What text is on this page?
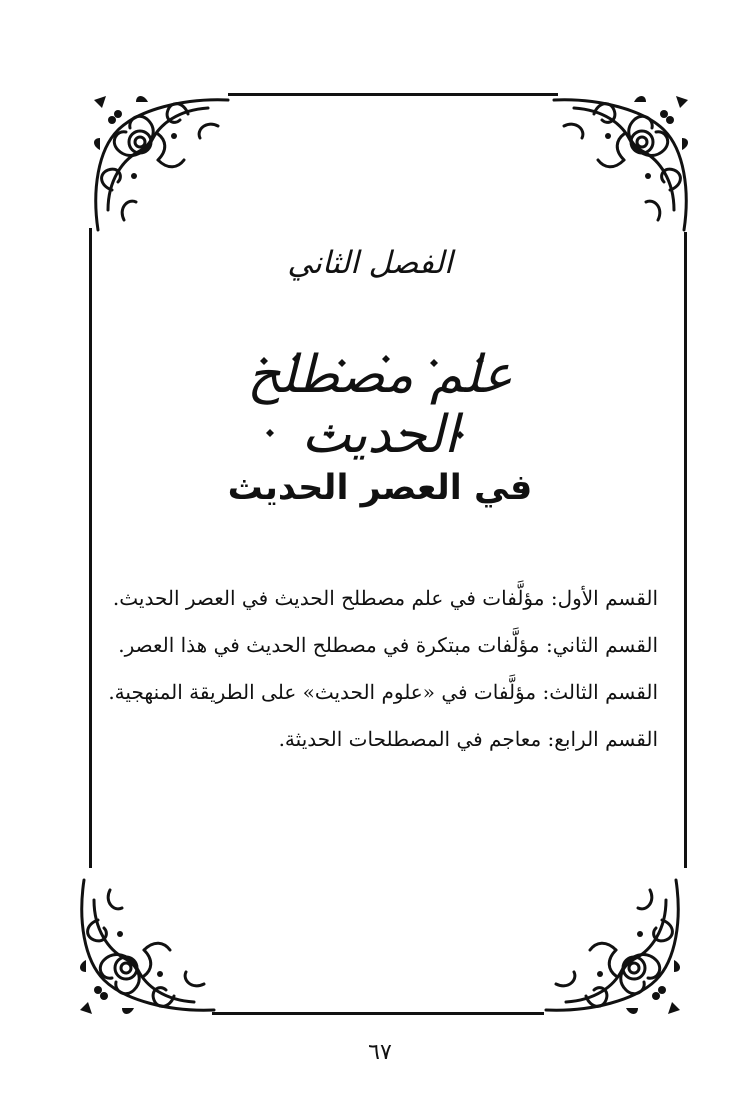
الفصل الثاني
علم مصطلح الحديث
في العصر الحديث

القسم الأول: مؤلَّفات في علم مصطلح الحديث في العصر الحديث.

القسم الثاني: مؤلَّفات مبتكرة في مصطلح الحديث في هذا العصر.

القسم الثالث: مؤلَّفات في «علوم الحديث» على الطريقة المنهجية.

القسم الرابع: معاجم في المصطلحات الحديثة.

٦٧
